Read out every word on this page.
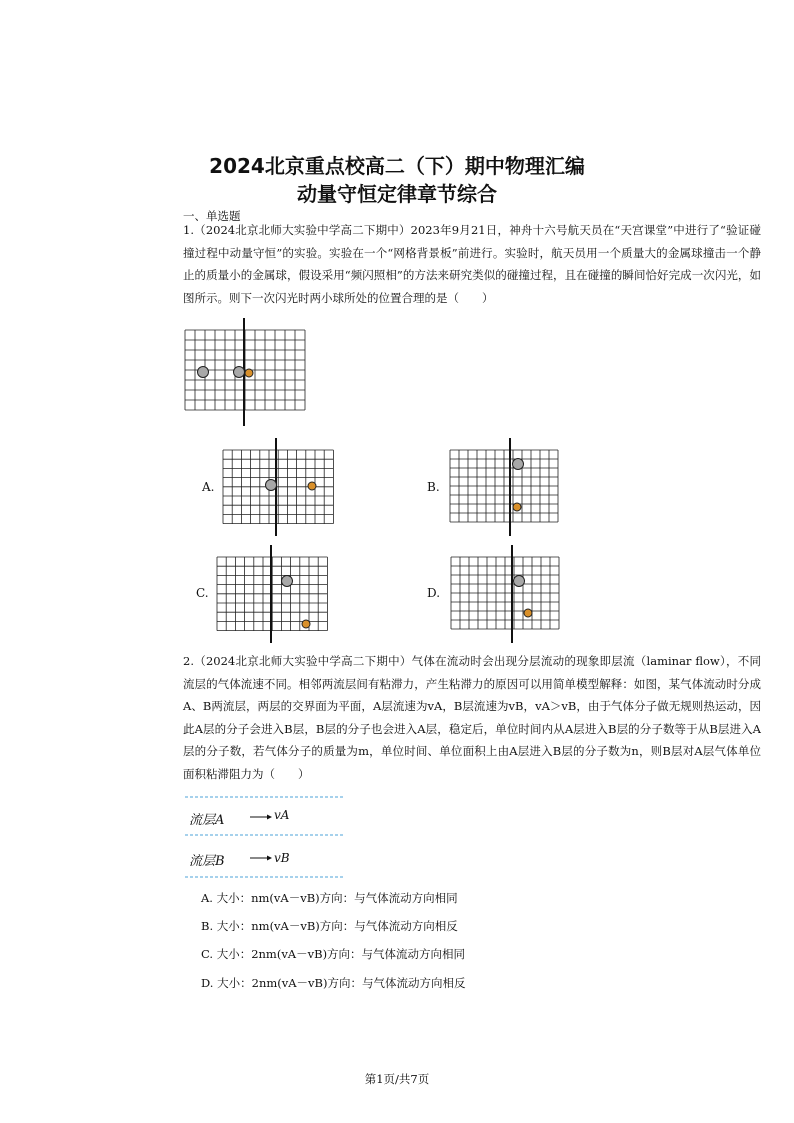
2024北京重点校高二（下）期中物理汇编
动量守恒定律章节综合
一、单选题

1.（2024北京北师大实验中学高二下期中）2023年9月21日，神舟十六号航天员在“天宫课堂”中进行了“验证碰撞过程中动量守恒”的实验。实验在一个“网格背景板”前进行。实验时，航天员用一个质量大的金属球撞击一个静止的质量小的金属球，假设采用“频闪照相”的方法来研究类似的碰撞过程，且在碰撞的瞬间恰好完成一次闪光，如图所示。则下一次闪光时两小球所处的位置合理的是（　　）

A.	B.
C.	D.

2.（2024北京北师大实验中学高二下期中）气体在流动时会出现分层流动的现象即层流（laminar flow），不同流层的气体流速不同。相邻两流层间有粘滞力，产生粘滞力的原因可以用简单模型解释：如图，某气体流动时分成A、B两流层，两层的交界面为平面，A层流速为vA，B层流速为vB，vA＞vB，由于气体分子做无规则热运动，因此A层的分子会进入B层，B层的分子也会进入A层，稳定后，单位时间内从A层进入B层的分子数等于从B层进入A层的分子数，若气体分子的质量为m，单位时间、单位面积上由A层进入B层的分子数为n，则B层对A层气体单位面积粘滞阻力为（　　）

流层A
流层B
vA
vB
A. 大小：nm(vA－vB)方向：与气体流动方向相同
B. 大小：nm(vA－vB)方向：与气体流动方向相反
C. 大小：2nm(vA－vB)方向：与气体流动方向相同
D. 大小：2nm(vA－vB)方向：与气体流动方向相反
第1页/共7页
